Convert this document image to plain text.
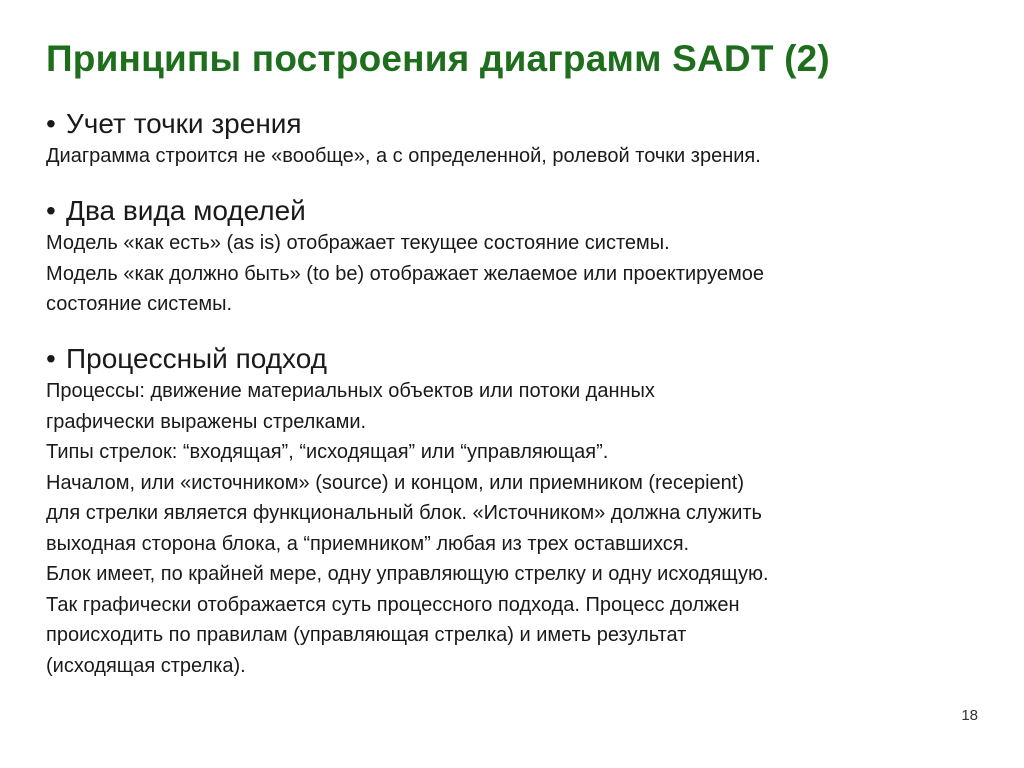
Принципы построения диаграмм SADT (2)

• Учет точки зрения

Диаграмма строится не «вообще», а с определенной, ролевой точки зрения.

• Два вида моделей

Модель «как есть» (as is) отображает текущее состояние системы.

Модель «как должно быть» (to be) отображает желаемое или проектируемое

состояние системы.

• Процессный подход

Процессы: движение материальных объектов или потоки данных

графически выражены стрелками.

Типы стрелок: “входящая”, “исходящая” или “управляющая”.

Началом, или «источником» (source) и концом, или приемником (recepient)

для стрелки является функциональный блок. «Источником» должна служить

выходная сторона блока, а “приемником” любая из трех оставшихся.

Блок имеет, по крайней мере, одну управляющую стрелку и одну исходящую.

Так графически отображается суть процессного подхода. Процесс должен

происходить по правилам (управляющая стрелка) и иметь результат

(исходящая стрелка).

18
